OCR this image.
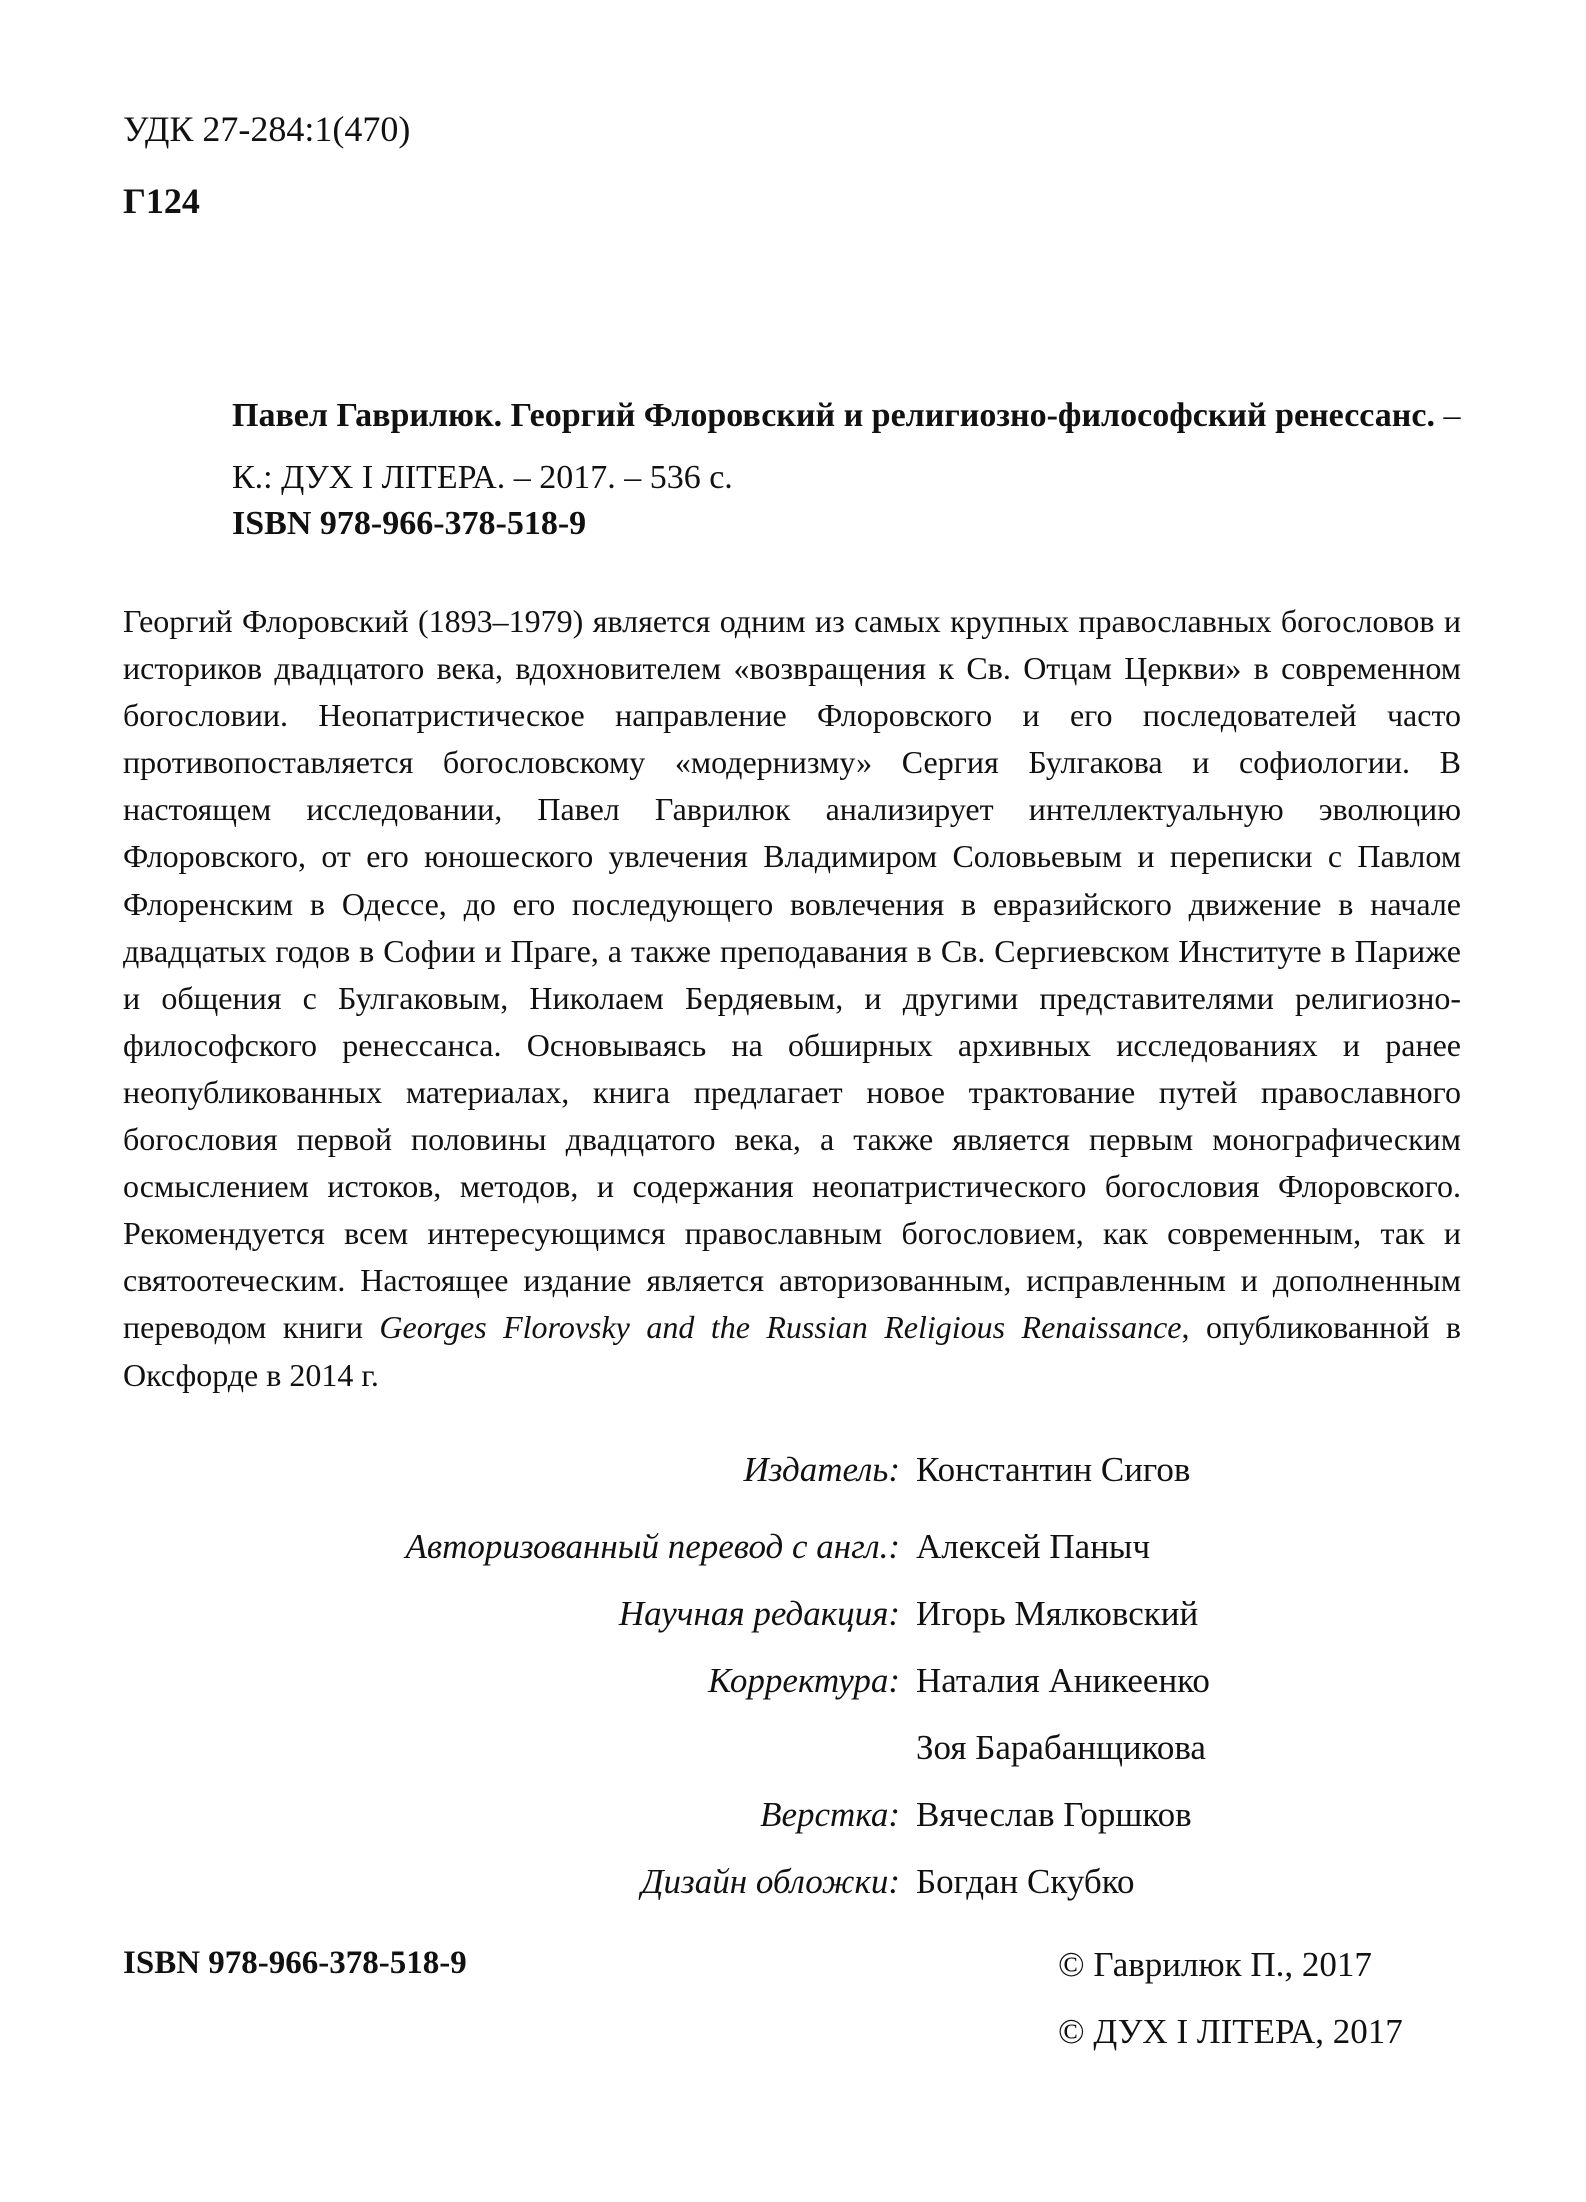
УДК 27-284:1(470)
Г124
Павел Гаврилюк. Георгий Флоровский и религиозно-философский ренессанс. – К.: ДУХ І ЛІТЕРА. – 2017. – 536 с.
ISBN 978-966-378-518-9

Георгий Флоровский (1893–1979) является одним из самых крупных православных богословов и историков двадцатого века, вдохновителем «возвращения к Св. Отцам Церкви» в современном богословии. Неопатристическое направление Флоровского и его последователей часто противопоставляется богословскому «модернизму» Сергия Булгакова и софиологии. В настоящем исследовании, Павел Гаврилюк анализирует интеллектуальную эволюцию Флоровского, от его юношеского увлечения Владимиром Соловьевым и переписки с Павлом Флоренским в Одессе, до его последующего вовлечения в евразийского движение в начале двадцатых годов в Софии и Праге, а также преподавания в Св. Сергиевском Институте в Париже и общения с Булгаковым, Николаем Бердяевым, и другими представителями религиозно-философского ренессанса. Основываясь на обширных архивных исследованиях и ранее неопубликованных материалах, книга предлагает новое трактование путей православного богословия первой половины двадцатого века, а также является первым монографическим осмыслением истоков, методов, и содержания неопатристического богословия Флоровского. Рекомендуется всем интересующимся православным богословием, как современным, так и святоотеческим. Настоящее издание является авторизованным, исправленным и дополненным переводом книги Georges Florovsky and the Russian Religious Renaissance, опубликованной в Оксфорде в 2014 г.

Издатель: Константин Сигов
Авторизованный перевод с англ.: Алексей Паныч
Научная редакция: Игорь Мялковский
Корректура: Наталия Аникеенко
Зоя Барабанщикова
Верстка: Вячеслав Горшков
Дизайн обложки: Богдан Скубко
ISBN 978-966-378-518-9	© Гаврилюк П., 2017
© ДУХ І ЛІТЕРА, 2017
